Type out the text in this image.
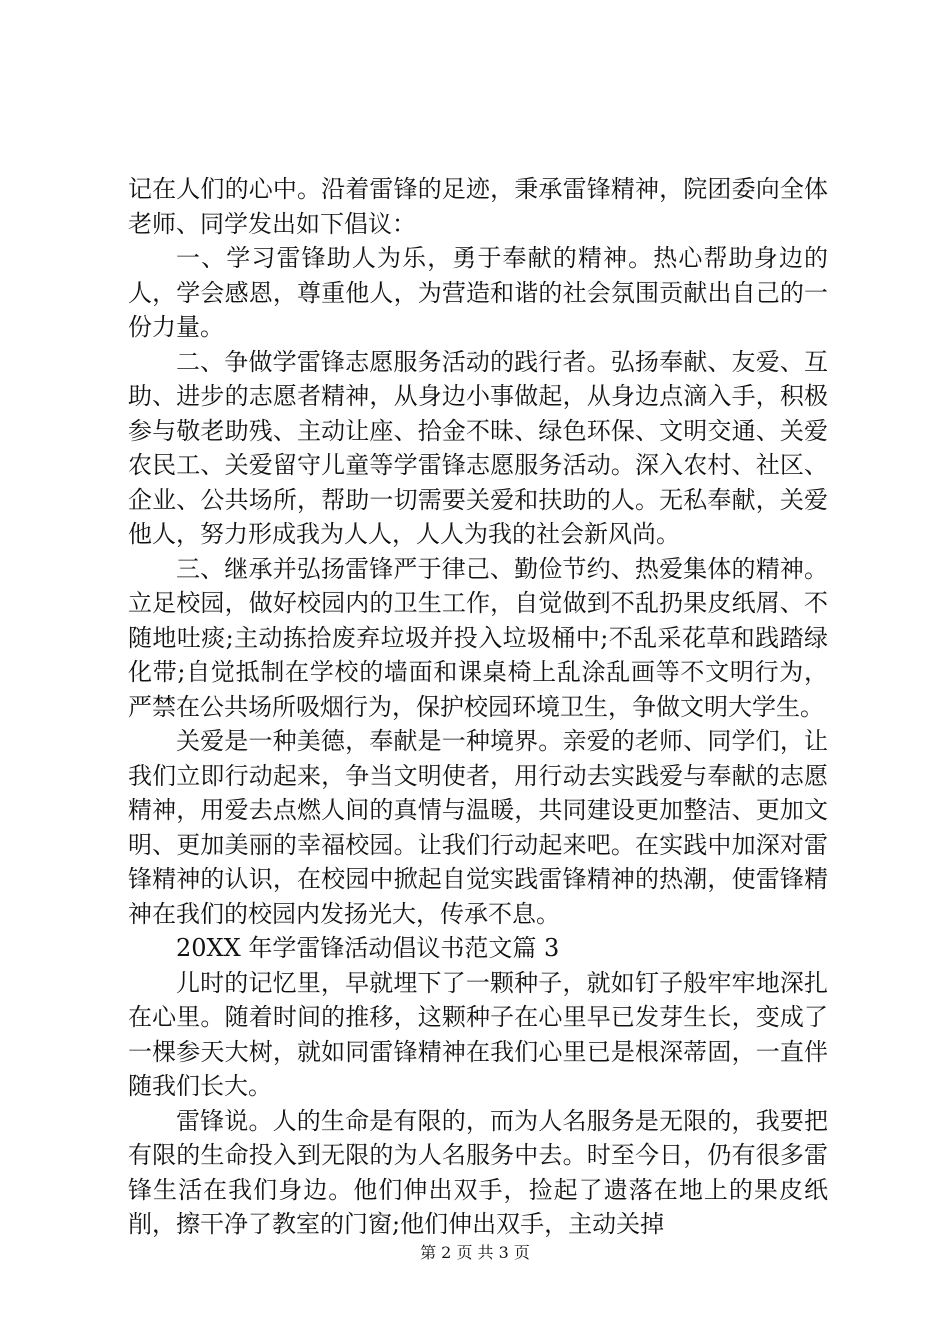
记在人们的心中。沿着雷锋的足迹，秉承雷锋精神，院团委向全体老师、同学发出如下倡议：

一、学习雷锋助人为乐，勇于奉献的精神。热心帮助身边的人，学会感恩，尊重他人，为营造和谐的社会氛围贡献出自己的一份力量。

二、争做学雷锋志愿服务活动的践行者。弘扬奉献、友爱、互助、进步的志愿者精神，从身边小事做起，从身边点滴入手，积极参与敬老助残、主动让座、拾金不昧、绿色环保、文明交通、关爱农民工、关爱留守儿童等学雷锋志愿服务活动。深入农村、社区、企业、公共场所，帮助一切需要关爱和扶助的人。无私奉献，关爱他人，努力形成我为人人，人人为我的社会新风尚。

三、继承并弘扬雷锋严于律己、勤俭节约、热爱集体的精神。立足校园，做好校园内的卫生工作，自觉做到不乱扔果皮纸屑、不随地吐痰;主动拣拾废弃垃圾并投入垃圾桶中;不乱采花草和践踏绿化带;自觉抵制在学校的墙面和课桌椅上乱涂乱画等不文明行为，严禁在公共场所吸烟行为，保护校园环境卫生，争做文明大学生。

关爱是一种美德，奉献是一种境界。亲爱的老师、同学们，让我们立即行动起来，争当文明使者，用行动去实践爱与奉献的志愿精神，用爱去点燃人间的真情与温暖，共同建设更加整洁、更加文明、更加美丽的幸福校园。让我们行动起来吧。在实践中加深对雷锋精神的认识，在校园中掀起自觉实践雷锋精神的热潮，使雷锋精神在我们的校园内发扬光大，传承不息。

20XX 年学雷锋活动倡议书范文篇 3

儿时的记忆里，早就埋下了一颗种子，就如钉子般牢牢地深扎在心里。随着时间的推移，这颗种子在心里早已发芽生长，变成了一棵参天大树，就如同雷锋精神在我们心里已是根深蒂固，一直伴随我们长大。

雷锋说。人的生命是有限的，而为人名服务是无限的，我要把有限的生命投入到无限的为人名服务中去。时至今日，仍有很多雷锋生活在我们身边。他们伸出双手，捡起了遗落在地上的果皮纸削，擦干净了教室的门窗;他们伸出双手，主动关掉

第 2 页 共 3 页
